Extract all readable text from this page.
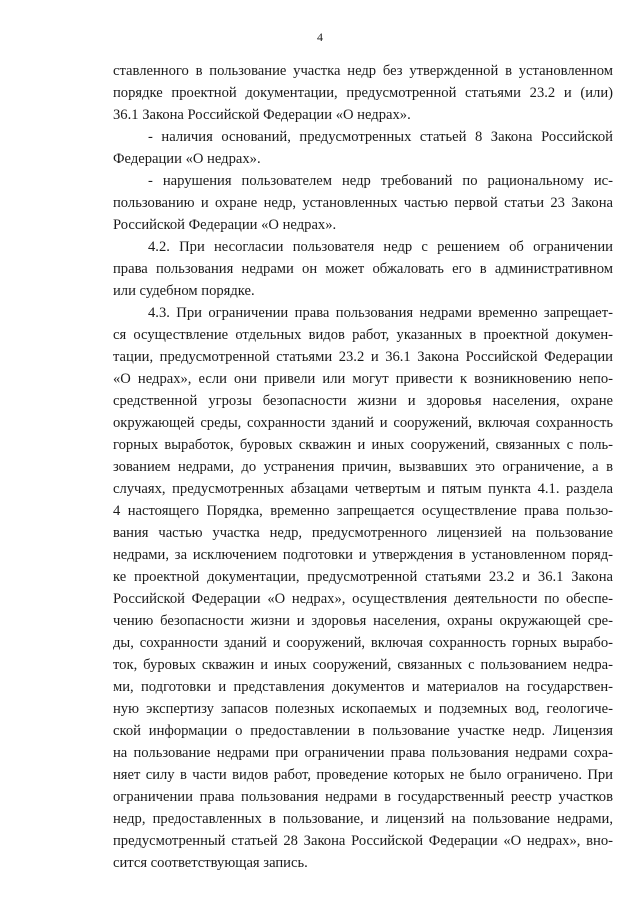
4
ставленного в пользование участка недр без утвержденной в установленном
порядке проектной документации, предусмотренной статьями 23.2 и (или)
36.1 Закона Российской Федерации «О недрах».
- наличия оснований, предусмотренных статьей 8 Закона Российской
Федерации «О недрах».
- нарушения пользователем недр требований по рациональному ис-
пользованию и охране недр, установленных частью первой статьи 23 Закона
Российской Федерации «О недрах».
4.2. При несогласии пользователя недр с решением об ограничении
права пользования недрами он может обжаловать его в административном
или судебном порядке.
4.3. При ограничении права пользования недрами временно запрещает-
ся осуществление отдельных видов работ, указанных в проектной докумен-
тации, предусмотренной статьями 23.2 и 36.1 Закона Российской Федерации
«О недрах», если они привели или могут привести к возникновению непо-
средственной угрозы безопасности жизни и здоровья населения, охране
окружающей среды, сохранности зданий и сооружений, включая сохранность
горных выработок, буровых скважин и иных сооружений, связанных с поль-
зованием недрами, до устранения причин, вызвавших это ограничение, а в
случаях, предусмотренных абзацами четвертым и пятым пункта 4.1. раздела
4 настоящего Порядка, временно запрещается осуществление права пользо-
вания частью участка недр, предусмотренного лицензией на пользование
недрами, за исключением подготовки и утверждения в установленном поряд-
ке проектной документации, предусмотренной статьями 23.2 и 36.1 Закона
Российской Федерации «О недрах», осуществления деятельности по обеспе-
чению безопасности жизни и здоровья населения, охраны окружающей сре-
ды, сохранности зданий и сооружений, включая сохранность горных вырабо-
ток, буровых скважин и иных сооружений, связанных с пользованием недра-
ми, подготовки и представления документов и материалов на государствен-
ную экспертизу запасов полезных ископаемых и подземных вод, геологиче-
ской информации о предоставлении в пользование участке недр. Лицензия
на пользование недрами при ограничении права пользования недрами сохра-
няет силу в части видов работ, проведение которых не было ограничено. При
ограничении права пользования недрами в государственный реестр участков
недр, предоставленных в пользование, и лицензий на пользование недрами,
предусмотренный статьей 28 Закона Российской Федерации «О недрах», вно-
сится соответствующая запись.
